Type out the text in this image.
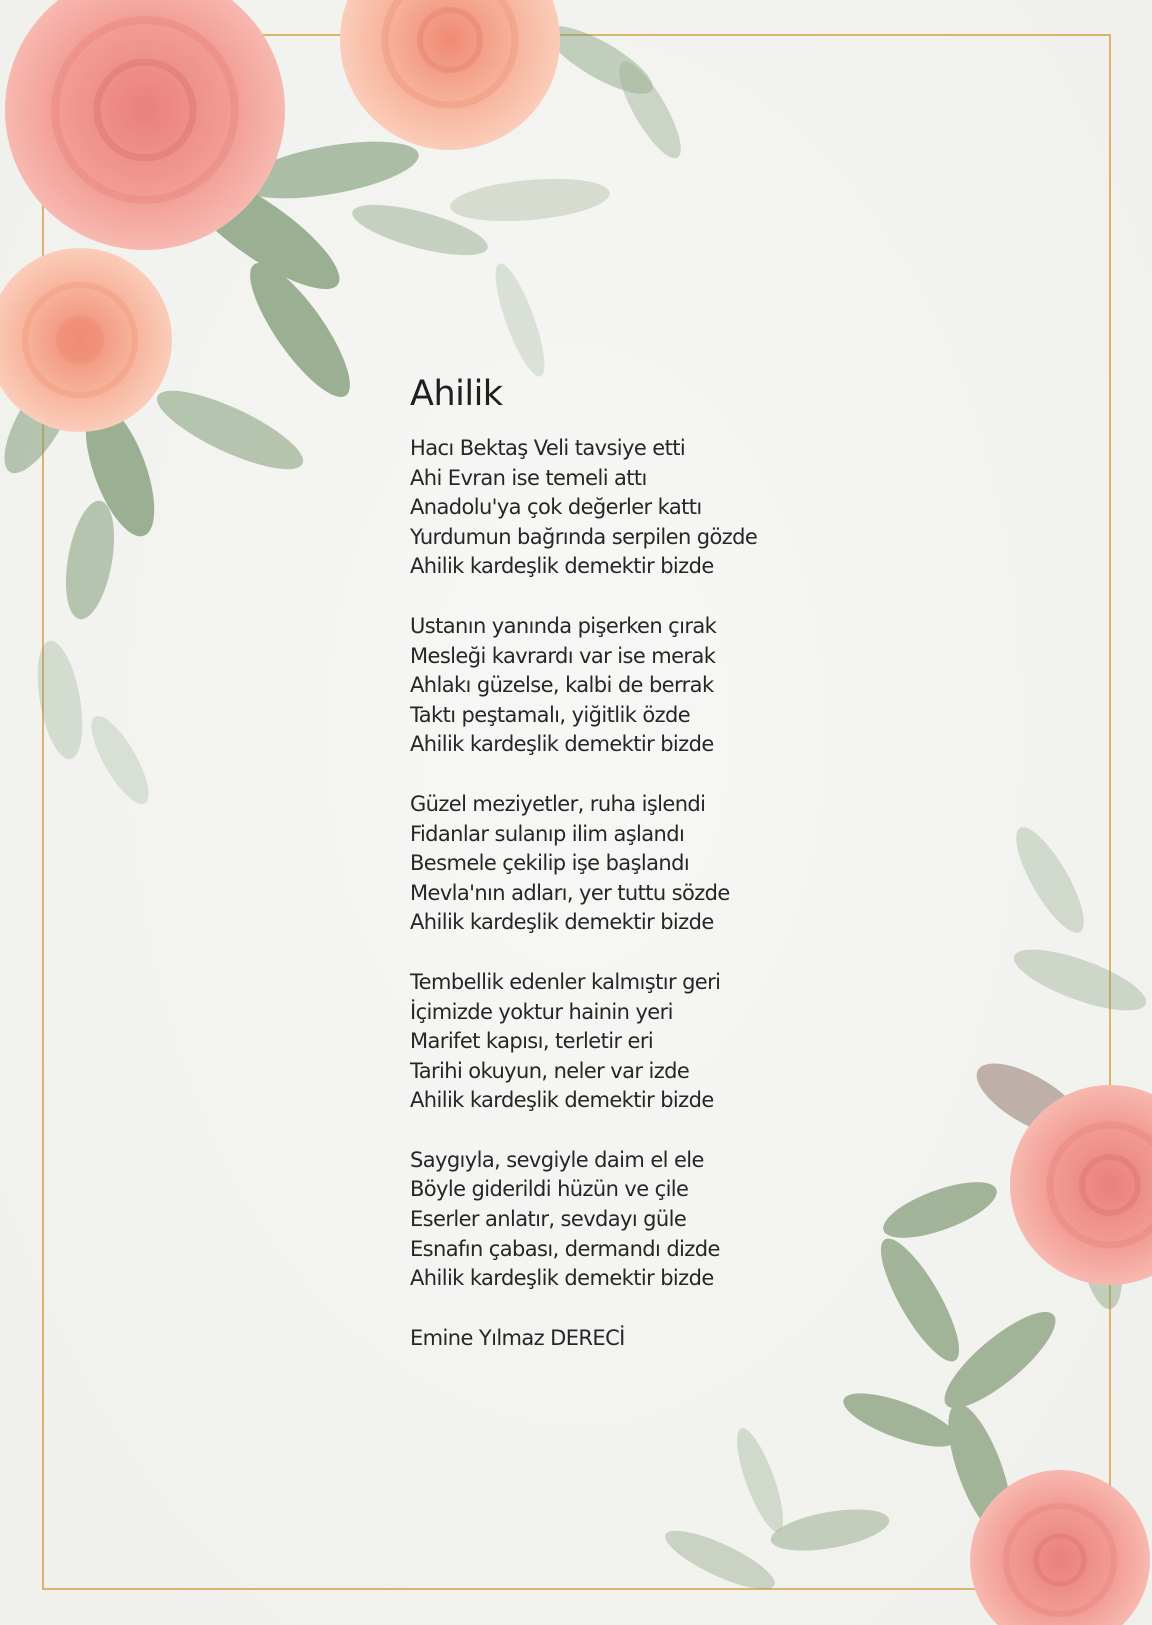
Ahilik
Hacı Bektaş Veli tavsiye etti
Ahi Evran ise temeli attı
Anadolu'ya çok değerler kattı
Yurdumun bağrında serpilen gözde
Ahilik kardeşlik demektir bizde
Ustanın yanında pişerken çırak
Mesleği kavrardı var ise merak
Ahlakı güzelse, kalbi de berrak
Taktı peştamalı, yiğitlik özde
Ahilik kardeşlik demektir bizde
Güzel meziyetler, ruha işlendi
Fidanlar sulanıp ilim aşlandı
Besmele çekilip işe başlandı
Mevla'nın adları, yer tuttu sözde
Ahilik kardeşlik demektir bizde
Tembellik edenler kalmıştır geri
İçimizde yoktur hainin yeri
Marifet kapısı, terletir eri
Tarihi okuyun, neler var izde
Ahilik kardeşlik demektir bizde
Saygıyla, sevgiyle daim el ele
Böyle giderildi hüzün ve çile
Eserler anlatır, sevdayı güle
Esnafın çabası, dermandı dizde
Ahilik kardeşlik demektir bizde
Emine Yılmaz DERECİ
